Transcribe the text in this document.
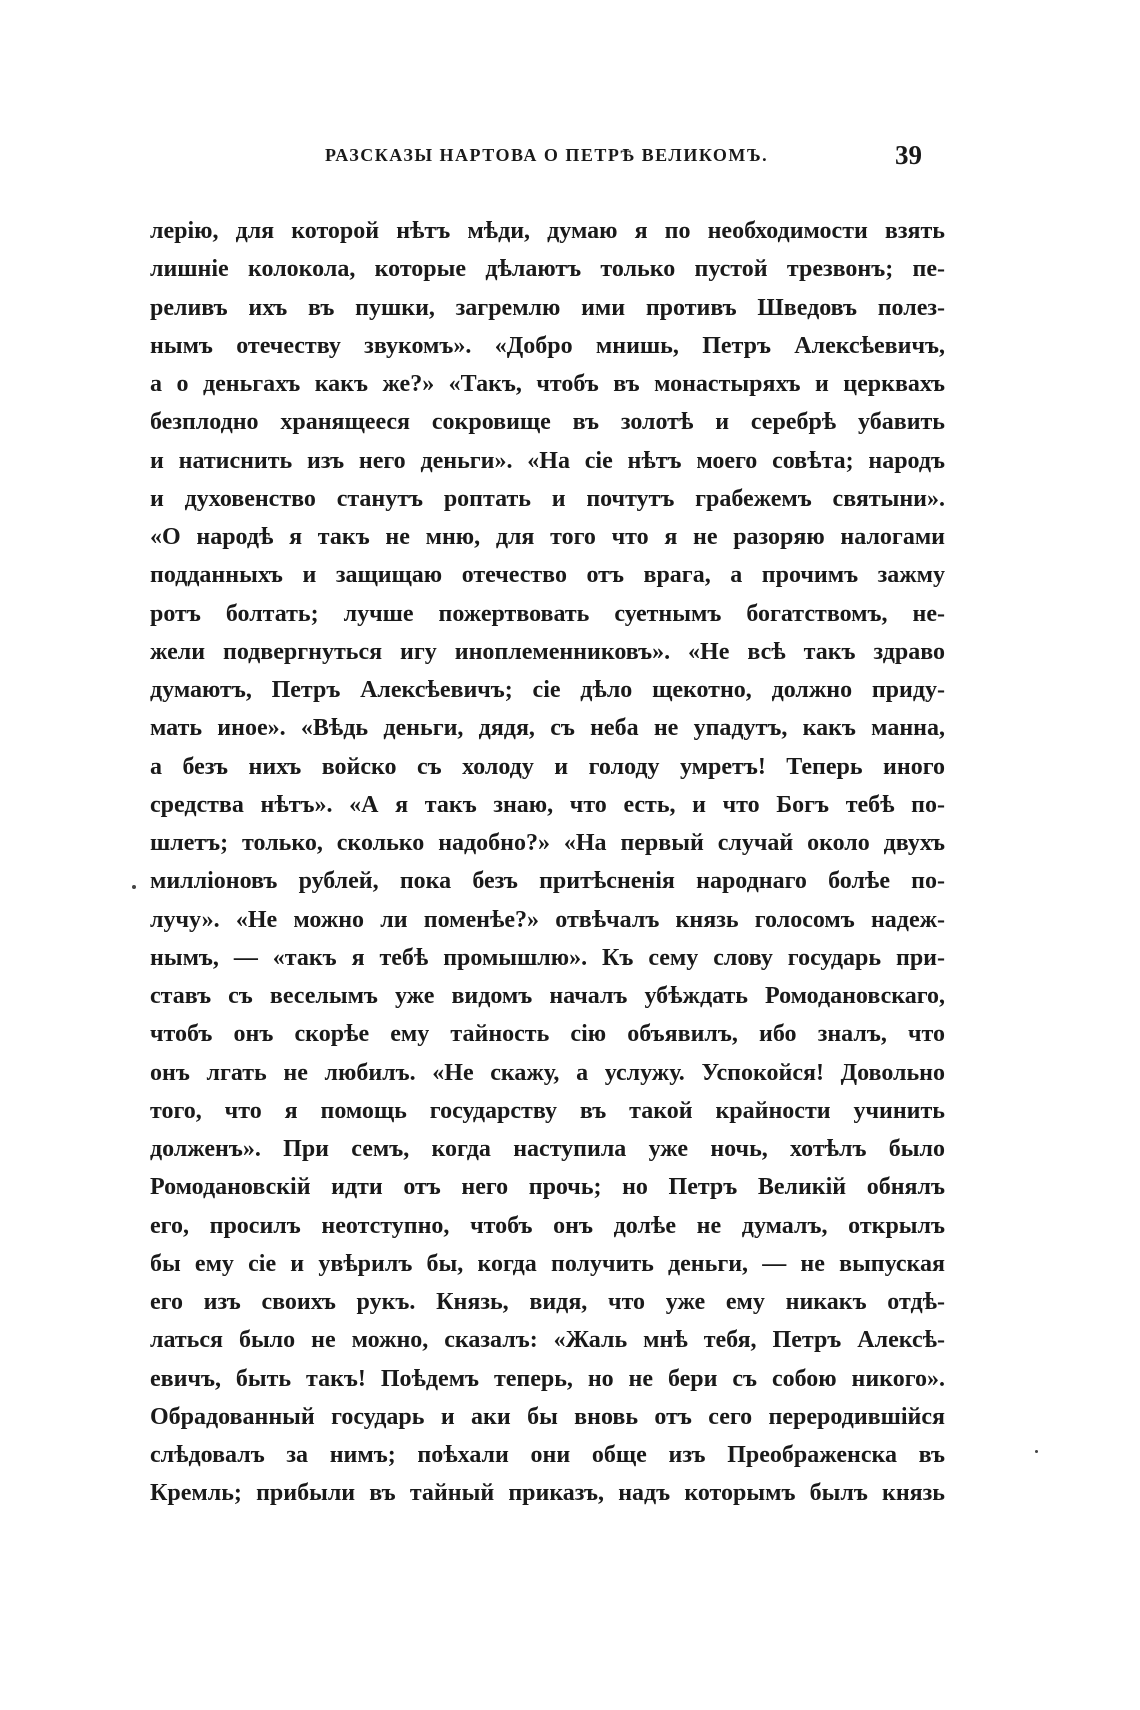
РАЗСКАЗЫ НАРТОВА О ПЕТРѢ ВЕЛИКОМЪ.	39
лерію, для которой нѣтъ мѣди, думаю я по необходимости взять
лишніе колокола, которые дѣлаютъ только пустой трезвонъ; пе-
реливъ ихъ въ пушки, загремлю ими противъ Шведовъ полез-
нымъ отечеству звукомъ». «Добро мнишь, Петръ Алексѣевичъ,
а о деньгахъ какъ же?» «Такъ, чтобъ въ монастыряхъ и церквахъ
безплодно хранящееся сокровище въ золотѣ и серебрѣ убавить
и натиснить изъ него деньги». «На сіе нѣтъ моего совѣта; народъ
и духовенство станутъ роптать и почтутъ грабежемъ святыни».
«О народѣ я такъ не мню, для того что я не разоряю налогами
подданныхъ и защищаю отечество отъ врага, а прочимъ зажму
ротъ болтать; лучше пожертвовать суетнымъ богатствомъ, не-
жели подвергнуться игу иноплеменниковъ». «Не всѣ такъ здраво
думаютъ, Петръ Алексѣевичъ; сіе дѣло щекотно, должно приду-
мать иное». «Вѣдь деньги, дядя, съ неба не упадутъ, какъ манна,
а безъ нихъ войско съ холоду и голоду умретъ! Теперь иного
средства нѣтъ». «А я такъ знаю, что есть, и что Богъ тебѣ по-
шлетъ; только, сколько надобно?» «На первый случай около двухъ
милліоновъ рублей, пока безъ притѣсненія народнаго болѣе по-
лучу». «Не можно ли поменѣе?» отвѣчалъ князь голосомъ надеж-
нымъ, — «такъ я тебѣ промышлю». Къ сему слову государь при-
ставъ съ веселымъ уже видомъ началъ убѣждать Ромодановскаго,
чтобъ онъ скорѣе ему тайность сію объявилъ, ибо зналъ, что
онъ лгать не любилъ. «Не скажу, а услужу. Успокойся! Довольно
того, что я помощь государству въ такой крайности учинить
долженъ». При семъ, когда наступила уже ночь, хотѣлъ было
Ромодановскій идти отъ него прочь; но Петръ Великій обнялъ
его, просилъ неотступно, чтобъ онъ долѣе не думалъ, открылъ
бы ему сіе и увѣрилъ бы, когда получить деньги, — не выпуская
его изъ своихъ рукъ. Князь, видя, что уже ему никакъ отдѣ-
латься было не можно, сказалъ: «Жаль мнѣ тебя, Петръ Алексѣ-
евичъ, быть такъ! Поѣдемъ теперь, но не бери съ собою никого».
Обрадованный государь и аки бы вновь отъ сего переродившійся
слѣдовалъ за нимъ; поѣхали они обще изъ Преображенска въ
Кремль; прибыли въ тайный приказъ, надъ которымъ былъ князь
